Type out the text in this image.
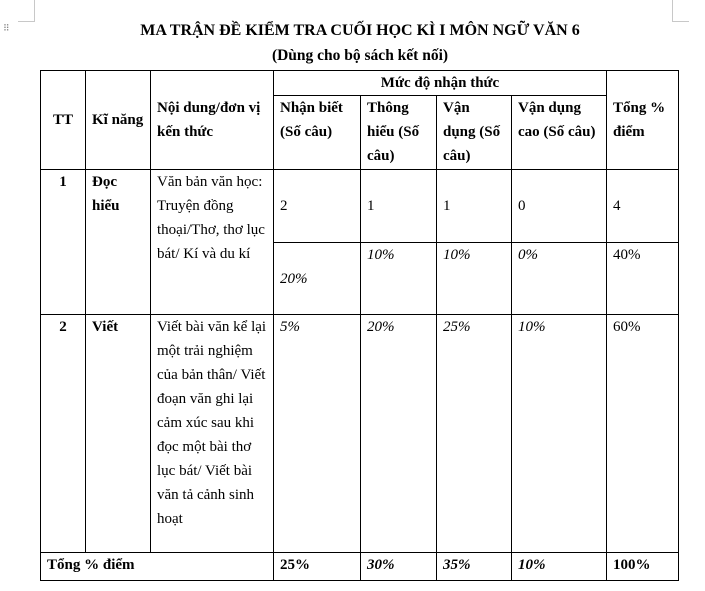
⠿	MA TRẬN ĐỀ KIỂM TRA CUỐI HỌC KÌ I MÔN NGỮ VĂN 6
(Dùng cho bộ sách kết nối)
TT	Kĩ năng	Nội dung/đơn vị kến thức	Mức độ nhận thức				Tổng % điểm
			Nhận biết (Số câu)	Thông hiểu (Số câu)	Vận dụng (Số câu)	Vận dụng cao (Số câu)	
1	Đọc hiểu	Văn bản văn học: Truyện đồng thoại/Thơ, thơ lục bát/ Kí và du kí	2	1	1	0	4
			20%	10%	10%	0%	40%
2	Viết	Viết bài văn kể lại một trải nghiệm của bản thân/ Viết đoạn văn ghi lại cảm xúc sau khi đọc một bài thơ lục bát/ Viết bài văn tả cảnh sinh hoạt	5%	20%	25%	10%	60%
Tổng % điểm			25%	30%	35%	10%	100%
